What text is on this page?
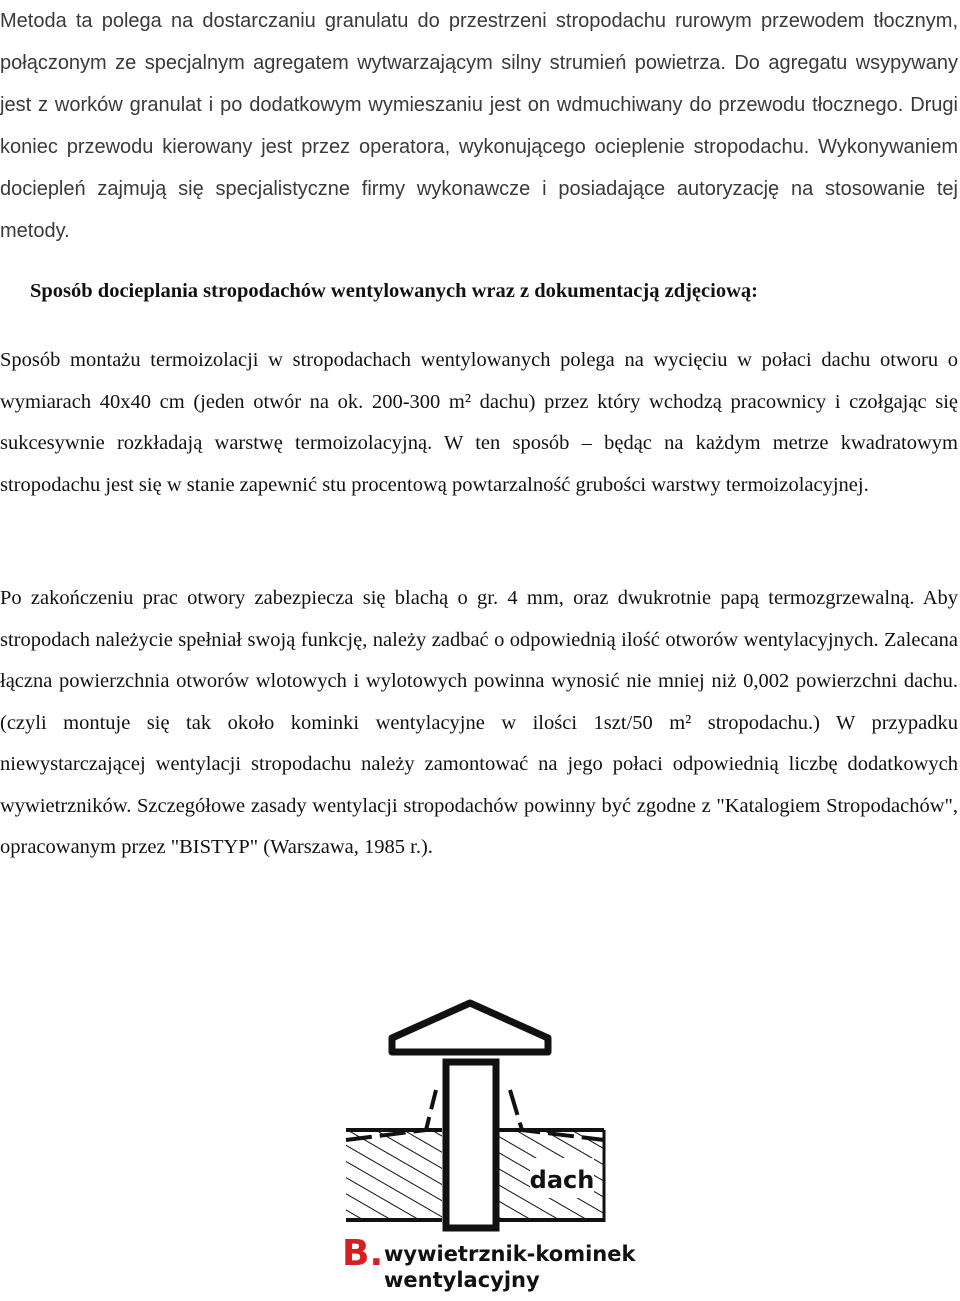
Metoda ta polega na dostarczaniu granulatu do przestrzeni stropodachu rurowym przewodem tłocznym, połączonym ze specjalnym agregatem wytwarzającym silny strumień powietrza. Do agregatu wsypywany jest z worków granulat i po dodatkowym wymieszaniu jest on wdmuchiwany do przewodu tłocznego. Drugi koniec przewodu kierowany jest przez operatora, wykonującego ocieplenie stropodachu. Wykonywaniem dociepleń zajmują się specjalistyczne firmy wykonawcze i posiadające autoryzację na stosowanie tej metody.

Sposób docieplania stropodachów wentylowanych wraz z dokumentacją zdjęciową:

Sposób montażu termoizolacji w stropodachach wentylowanych polega na wycięciu w połaci dachu otworu o wymiarach 40x40 cm (jeden otwór na ok. 200-300 m² dachu) przez który wchodzą pracownicy i czołgając się sukcesywnie rozkładają warstwę termoizolacyjną. W ten sposób – będąc na każdym metrze kwadratowym stropodachu jest się w stanie zapewnić stu procentową powtarzalność grubości warstwy termoizolacyjnej.

Po zakończeniu prac otwory zabezpiecza się blachą o gr. 4 mm, oraz dwukrotnie papą termozgrzewalną. Aby stropodach należycie spełniał swoją funkcję, należy zadbać o odpowiednią ilość otworów wentylacyjnych. Zalecana łączna powierzchnia otworów wlotowych i wylotowych powinna wynosić nie mniej niż 0,002 powierzchni dachu. (czyli montuje się tak około kominki wentylacyjne w ilości 1szt/50 m² stropodachu.) W przypadku niewystarczającej wentylacji stropodachu należy zamontować na jego połaci odpowiednią liczbę dodatkowych wywietrzników. Szczegółowe zasady wentylacji stropodachów powinny być zgodne z "Katalogiem Stropodachów", opracowanym przez "BISTYP" (Warszawa, 1985 r.).

dach
B. wywietrznik-kominek
wentylacyjny
